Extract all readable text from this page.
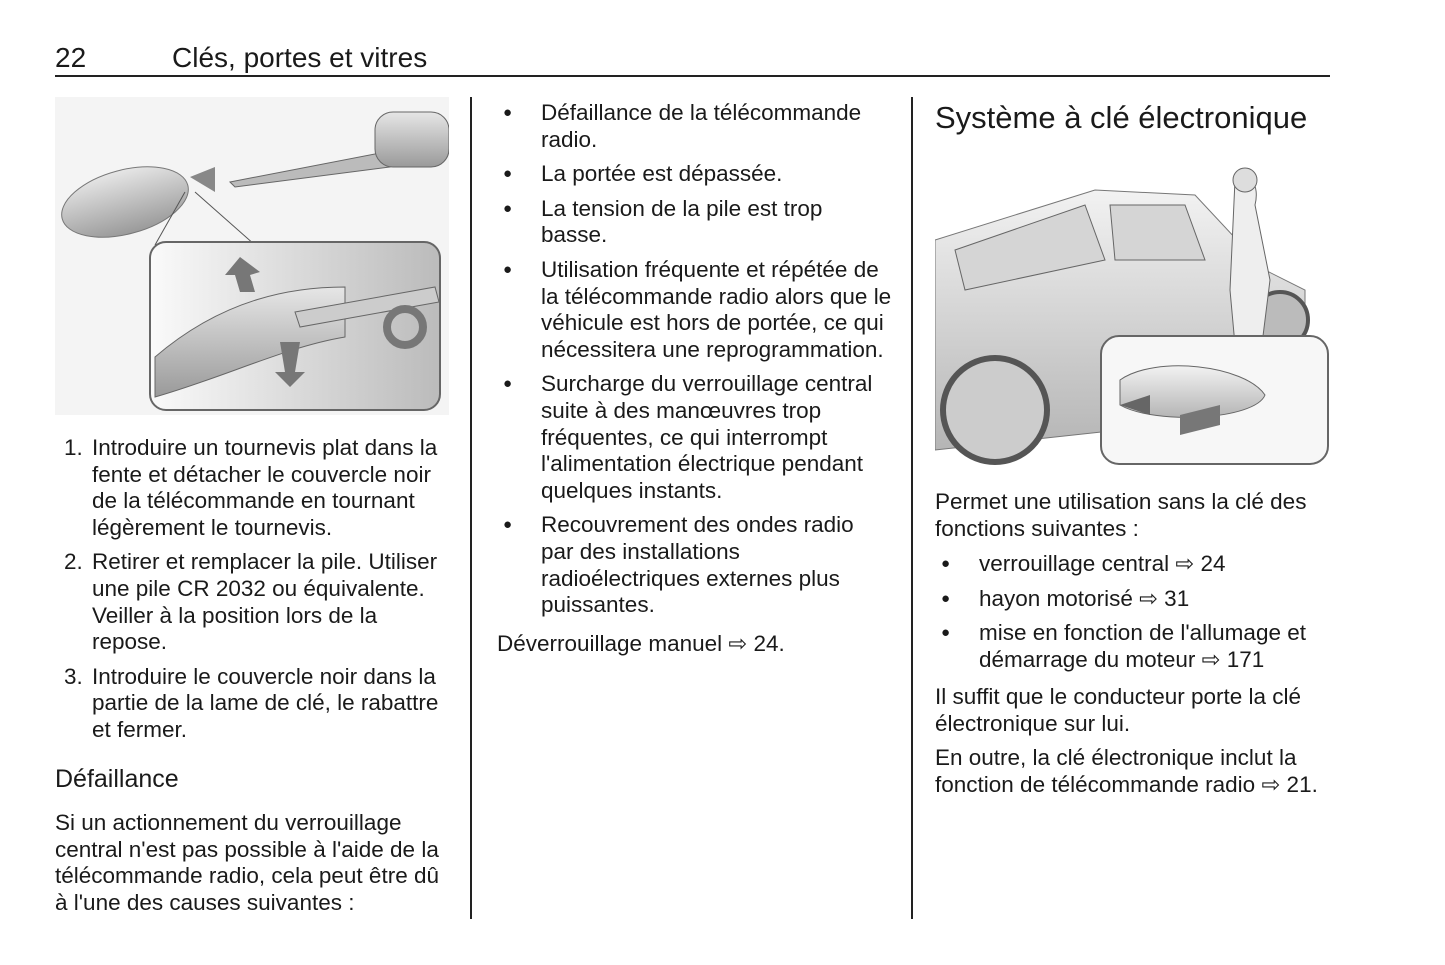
22	Clés, portes et vitres
1. Introduire un tournevis plat dans la fente et détacher le couvercle noir de la télécommande en tournant légèrement le tournevis.
2. Retirer et remplacer la pile. Utiliser une pile CR 2032 ou équivalente. Veiller à la position lors de la repose.
3. Introduire le couvercle noir dans la partie de la lame de clé, le rabattre et fermer.
Défaillance

Si un actionnement du verrouillage central n'est pas possible à l'aide de la télécommande radio, cela peut être dû à l'une des causes suivantes :

● Défaillance de la télécommande radio.
● La portée est dépassée.
● La tension de la pile est trop basse.
● Utilisation fréquente et répétée de la télécommande radio alors que le véhicule est hors de portée, ce qui nécessitera une reprogrammation.
● Surcharge du verrouillage central suite à des manœuvres trop fréquentes, ce qui interrompt l'alimentation électrique pendant quelques instants.
● Recouvrement des ondes radio par des installations radioélectriques externes plus puissantes.

Déverrouillage manuel ⇨ 24.

Système à clé électronique

Permet une utilisation sans la clé des fonctions suivantes :

● verrouillage central ⇨ 24
● hayon motorisé ⇨ 31
● mise en fonction de l'allumage et démarrage du moteur ⇨ 171

Il suffit que le conducteur porte la clé électronique sur lui.

En outre, la clé électronique inclut la fonction de télécommande radio ⇨ 21.
